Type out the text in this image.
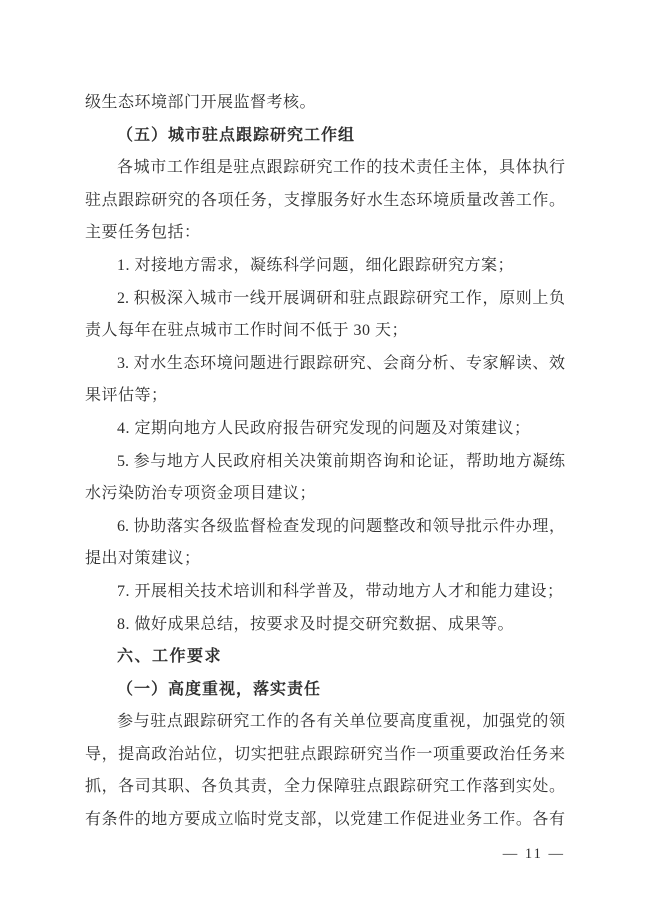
级生态环境部门开展监督考核。
（五）城市驻点跟踪研究工作组
各城市工作组是驻点跟踪研究工作的技术责任主体，具体执行
驻点跟踪研究的各项任务，支撑服务好水生态环境质量改善工作。
主要任务包括：
1. 对接地方需求，凝练科学问题，细化跟踪研究方案；
2. 积极深入城市一线开展调研和驻点跟踪研究工作，原则上负
责人每年在驻点城市工作时间不低于 30 天；
3. 对水生态环境问题进行跟踪研究、会商分析、专家解读、效
果评估等；
4. 定期向地方人民政府报告研究发现的问题及对策建议；
5. 参与地方人民政府相关决策前期咨询和论证，帮助地方凝练
水污染防治专项资金项目建议；
6. 协助落实各级监督检查发现的问题整改和领导批示件办理，
提出对策建议；
7. 开展相关技术培训和科学普及，带动地方人才和能力建设；
8. 做好成果总结，按要求及时提交研究数据、成果等。
六、工作要求
（一）高度重视，落实责任
参与驻点跟踪研究工作的各有关单位要高度重视，加强党的领
导，提高政治站位，切实把驻点跟踪研究当作一项重要政治任务来
抓，各司其职、各负其责，全力保障驻点跟踪研究工作落到实处。
有条件的地方要成立临时党支部，以党建工作促进业务工作。各有
— 11 —
